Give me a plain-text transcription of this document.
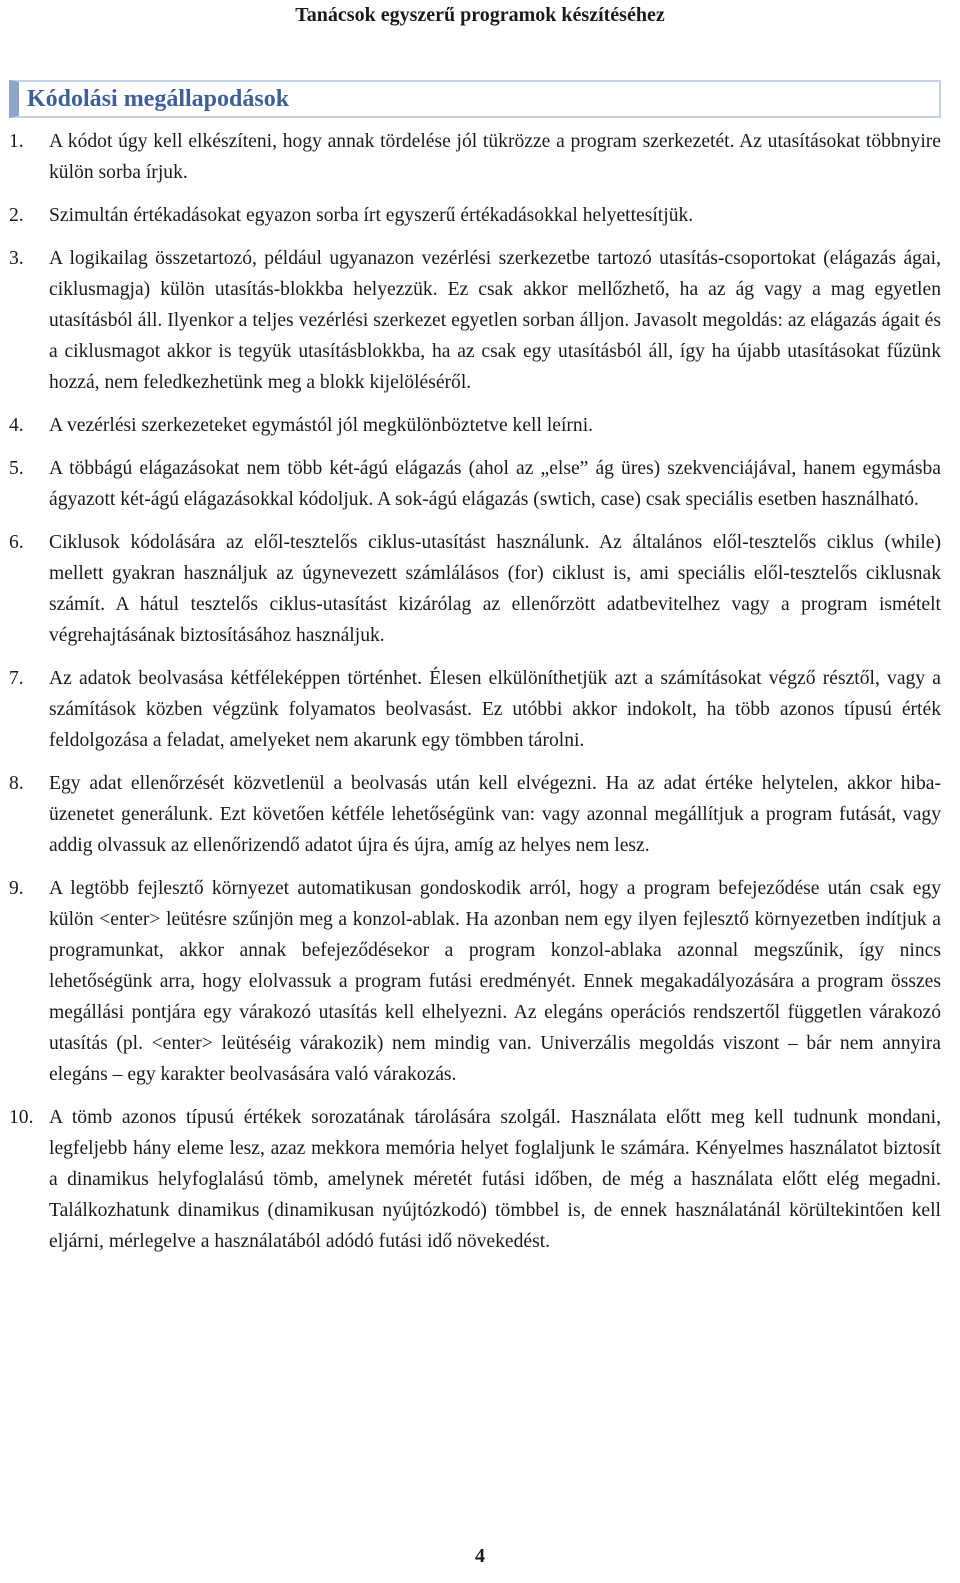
Tanácsok egyszerű programok készítéséhez
Kódolási megállapodások
1. A kódot úgy kell elkészíteni, hogy annak tördelése jól tükrözze a program szerkezetét. Az utasításokat többnyire külön sorba írjuk.
2. Szimultán értékadásokat egyazon sorba írt egyszerű értékadásokkal helyettesítjük.
3. A logikailag összetartozó, például ugyanazon vezérlési szerkezetbe tartozó utasítás-csoportokat (elágazás ágai, ciklusmagja) külön utasítás-blokkba helyezzük. Ez csak akkor mellőzhető, ha az ág vagy a mag egyetlen utasításból áll. Ilyenkor a teljes vezérlési szerkezet egyetlen sorban álljon. Javasolt megoldás: az elágazás ágait és a ciklusmagot akkor is tegyük utasításblokkba, ha az csak egy utasításból áll, így ha újabb utasításokat fűzünk hozzá, nem feledkezhetünk meg a blokk kijelöléséről.
4. A vezérlési szerkezeteket egymástól jól megkülönböztetve kell leírni.
5. A többágú elágazásokat nem több két-ágú elágazás (ahol az „else” ág üres) szekvenciájával, hanem egymásba ágyazott két-ágú elágazásokkal kódoljuk. A sok-ágú elágazás (swtich, case) csak speciális esetben használható.
6. Ciklusok kódolására az elől-tesztelős ciklus-utasítást használunk. Az általános elől-tesztelős ciklus (while) mellett gyakran használjuk az úgynevezett számlálásos (for) ciklust is, ami speciális elől-tesztelős ciklusnak számít. A hátul tesztelős ciklus-utasítást kizárólag az ellenőrzött adatbevitelhez vagy a program ismételt végrehajtásának biztosításához használjuk.
7. Az adatok beolvasása kétféleképpen történhet. Élesen elkülöníthetjük azt a számításokat végző résztől, vagy a számítások közben végzünk folyamatos beolvasást. Ez utóbbi akkor indokolt, ha több azonos típusú érték feldolgozása a feladat, amelyeket nem akarunk egy tömbben tárolni.
8. Egy adat ellenőrzését közvetlenül a beolvasás után kell elvégezni. Ha az adat értéke helytelen, akkor hiba-üzenetet generálunk. Ezt követően kétféle lehetőségünk van: vagy azonnal megállítjuk a program futását, vagy addig olvassuk az ellenőrizendő adatot újra és újra, amíg az helyes nem lesz.
9. A legtöbb fejlesztő környezet automatikusan gondoskodik arról, hogy a program befejeződése után csak egy külön <enter> leütésre szűnjön meg a konzol-ablak. Ha azonban nem egy ilyen fejlesztő környezetben indítjuk a programunkat, akkor annak befejeződésekor a program konzol-ablaka azonnal megszűnik, így nincs lehetőségünk arra, hogy elolvassuk a program futási eredményét. Ennek megakadályozására a program összes megállási pontjára egy várakozó utasítás kell elhelyezni. Az elegáns operációs rendszertől független várakozó utasítás (pl. <enter> leütéséig várakozik) nem mindig van. Univerzális megoldás viszont – bár nem annyira elegáns – egy karakter beolvasására való várakozás.
10. A tömb azonos típusú értékek sorozatának tárolására szolgál. Használata előtt meg kell tudnunk mondani, legfeljebb hány eleme lesz, azaz mekkora memória helyet foglaljunk le számára. Kényelmes használatot biztosít a dinamikus helyfoglalású tömb, amelynek méretét futási időben, de még a használata előtt elég megadni. Találkozhatunk dinamikus (dinamikusan nyújtózkodó) tömbbel is, de ennek használatánál körültekintően kell eljárni, mérlegelve a használatából adódó futási idő növekedést.
4
